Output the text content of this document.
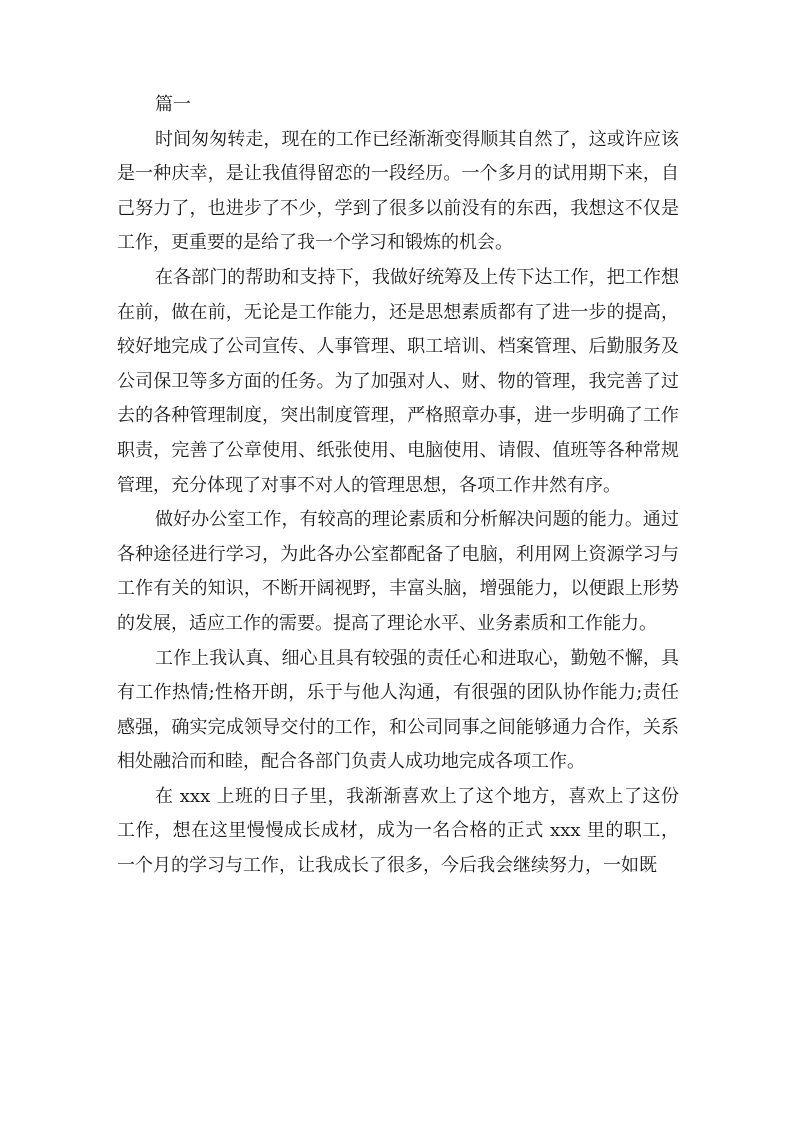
篇一

时间匆匆转走，现在的工作已经渐渐变得顺其自然了，这或许应该是一种庆幸，是让我值得留恋的一段经历。一个多月的试用期下来，自己努力了，也进步了不少，学到了很多以前没有的东西，我想这不仅是工作，更重要的是给了我一个学习和锻炼的机会。

在各部门的帮助和支持下，我做好统筹及上传下达工作，把工作想在前，做在前，无论是工作能力，还是思想素质都有了进一步的提高，较好地完成了公司宣传、人事管理、职工培训、档案管理、后勤服务及公司保卫等多方面的任务。为了加强对人、财、物的管理，我完善了过去的各种管理制度，突出制度管理，严格照章办事，进一步明确了工作职责，完善了公章使用、纸张使用、电脑使用、请假、值班等各种常规管理，充分体现了对事不对人的管理思想，各项工作井然有序。

做好办公室工作，有较高的理论素质和分析解决问题的能力。通过各种途径进行学习，为此各办公室都配备了电脑，利用网上资源学习与工作有关的知识，不断开阔视野，丰富头脑，增强能力，以便跟上形势的发展，适应工作的需要。提高了理论水平、业务素质和工作能力。

工作上我认真、细心且具有较强的责任心和进取心，勤勉不懈，具有工作热情;性格开朗，乐于与他人沟通，有很强的团队协作能力;责任感强，确实完成领导交付的工作，和公司同事之间能够通力合作，关系相处融洽而和睦，配合各部门负责人成功地完成各项工作。

在 xxx 上班的日子里，我渐渐喜欢上了这个地方，喜欢上了这份工作，想在这里慢慢成长成材，成为一名合格的正式 xxx 里的职工，一个月的学习与工作，让我成长了很多，今后我会继续努力，一如既
